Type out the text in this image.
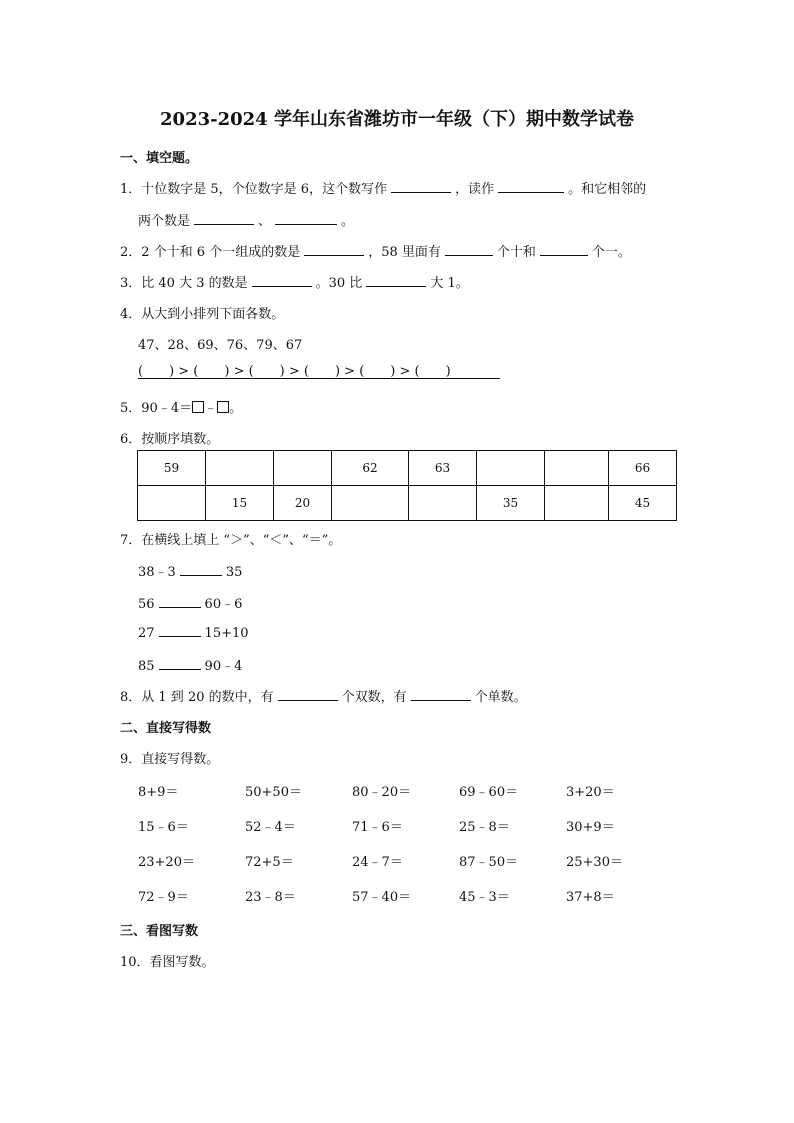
2023-2024 学年山东省潍坊市一年级（下）期中数学试卷
一、填空题。
1．十位数字是 5，个位数字是 6，这个数写作	，读作	。和它相邻的
两个数是	、	。
2．2 个十和 6 个一组成的数是	，58 里面有	个十和	个一。
3．比 40 大 3 的数是	。30 比	大 1。
4．从大到小排列下面各数。
47、28、69、76、79、67
(　　) > (　　) > (　　) > (　　) > (　　) > (　　)
5．90﹣4＝ ﹣ 。
6．按顺序填数。
59			62	63			66
	15	20			35		45
7．在横线上填上 “＞”、“＜”、“＝”。
38﹣3	35
56	60﹣6
27	15+10
85	90﹣4
8．从 1 到 20 的数中，有	个双数，有	个单数。
二、直接写得数
9．直接写得数。
8+9＝	50+50＝	80﹣20＝	69﹣60＝	3+20＝
15﹣6＝	52﹣4＝	71﹣6＝	25﹣8＝	30+9＝
23+20＝	72+5＝	24﹣7＝	87﹣50＝	25+30＝
72﹣9＝	23﹣8＝	57﹣40＝	45﹣3＝	37+8＝
三、看图写数
10．看图写数。
